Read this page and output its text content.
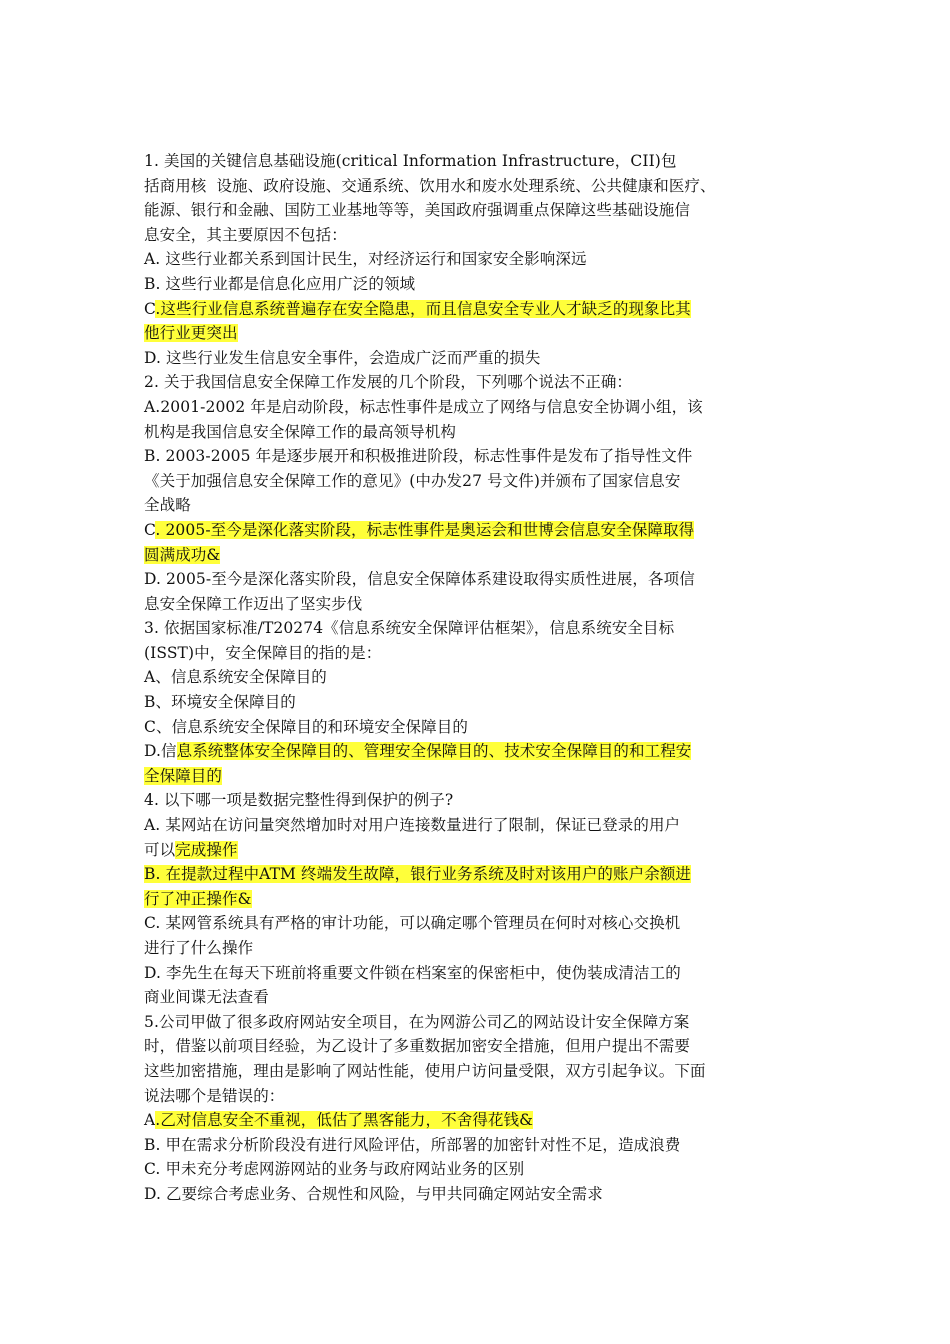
1. 美国的关键信息基础设施(critical Information Infrastructure，CII)包
括商用核  设施、政府设施、交通系统、饮用水和废水处理系统、公共健康和医疗、
能源、银行和金融、国防工业基地等等，美国政府强调重点保障这些基础设施信
息安全，其主要原因不包括：
A. 这些行业都关系到国计民生，对经济运行和国家安全影响深远
B. 这些行业都是信息化应用广泛的领域
C.这些行业信息系统普遍存在安全隐患，而且信息安全专业人才缺乏的现象比其
他行业更突出
D. 这些行业发生信息安全事件，会造成广泛而严重的损失
2. 关于我国信息安全保障工作发展的几个阶段，下列哪个说法不正确：
A.2001-2002 年是启动阶段，标志性事件是成立了网络与信息安全协调小组，该
机构是我国信息安全保障工作的最高领导机构
B. 2003-2005 年是逐步展开和积极推进阶段，标志性事件是发布了指导性文件
《关于加强信息安全保障工作的意见》(中办发27 号文件)并颁布了国家信息安
全战略
C. 2005-至今是深化落实阶段，标志性事件是奥运会和世博会信息安全保障取得
圆满成功&
D. 2005-至今是深化落实阶段，信息安全保障体系建设取得实质性进展，各项信
息安全保障工作迈出了坚实步伐
3. 依据国家标准/T20274《信息系统安全保障评估框架》，信息系统安全目标
(ISST)中，安全保障目的指的是：
A、信息系统安全保障目的
B、环境安全保障目的
C、信息系统安全保障目的和环境安全保障目的
D.信息系统整体安全保障目的、管理安全保障目的、技术安全保障目的和工程安
全保障目的
4. 以下哪一项是数据完整性得到保护的例子?
A. 某网站在访问量突然增加时对用户连接数量进行了限制，保证已登录的用户
可以完成操作
B. 在提款过程中ATM 终端发生故障，银行业务系统及时对该用户的账户余额进
行了冲正操作&
C. 某网管系统具有严格的审计功能，可以确定哪个管理员在何时对核心交换机
进行了什么操作
D. 李先生在每天下班前将重要文件锁在档案室的保密柜中，使伪装成清洁工的
商业间谍无法查看
5.公司甲做了很多政府网站安全项目，在为网游公司乙的网站设计安全保障方案
时，借鉴以前项目经验，为乙设计了多重数据加密安全措施，但用户提出不需要
这些加密措施，理由是影响了网站性能，使用户访问量受限，双方引起争议。下面
说法哪个是错误的：
A.乙对信息安全不重视，低估了黑客能力，不舍得花钱&
B. 甲在需求分析阶段没有进行风险评估，所部署的加密针对性不足，造成浪费
C. 甲未充分考虑网游网站的业务与政府网站业务的区别
D. 乙要综合考虑业务、合规性和风险，与甲共同确定网站安全需求
